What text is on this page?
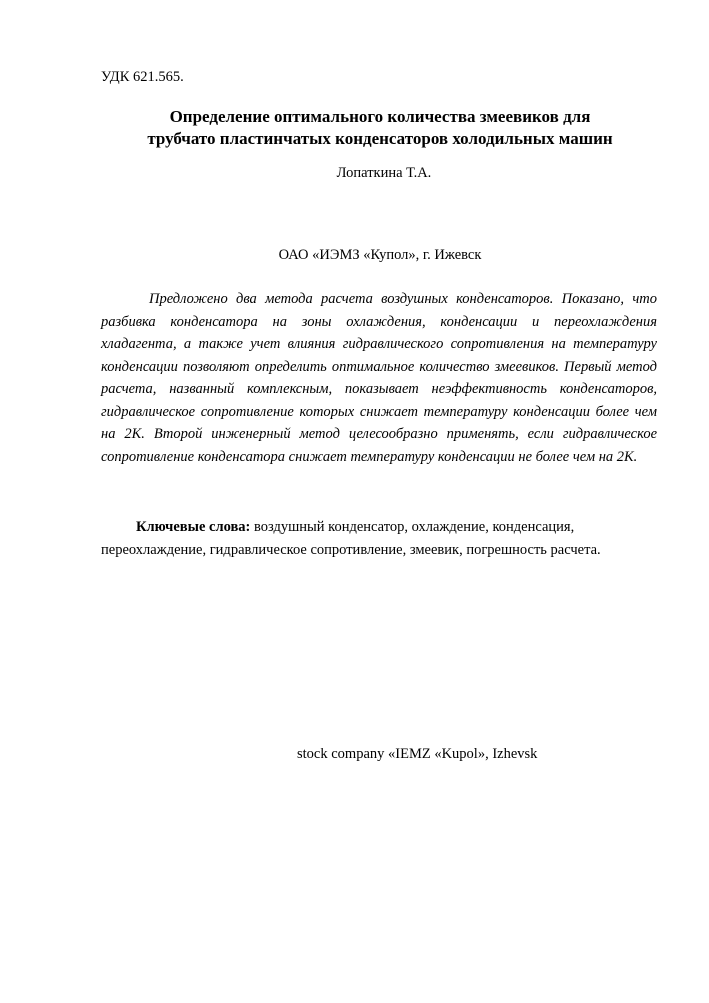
УДК 621.565.
Определение оптимального количества змеевиков для
трубчато пластинчатых конденсаторов холодильных машин
Лопаткина Т.А.
ОАО «ИЭМЗ «Купол», г. Ижевск

Предложено два метода расчета воздушных конденсаторов. Показано, что разбивка конденсатора на зоны охлаждения, конденсации и переохлаждения хладагента, а также учет влияния гидравлического сопротивления на температуру конденсации позволяют определить оптимальное количество змеевиков. Первый метод расчета, названный комплексным, показывает неэффективность конденсаторов, гидравлическое сопротивление которых снижает температуру конденсации более чем на 2К. Второй инженерный метод целесообразно применять, если гидравлическое сопротивление конденсатора снижает температуру конденсации не более чем на 2К.

Ключевые слова: воздушный конденсатор, охлаждение, конденсация, переохлаждение, гидравлическое сопротивление, змеевик, погрешность расчета.

stock company «IEMZ «Kupol», Izhevsk
